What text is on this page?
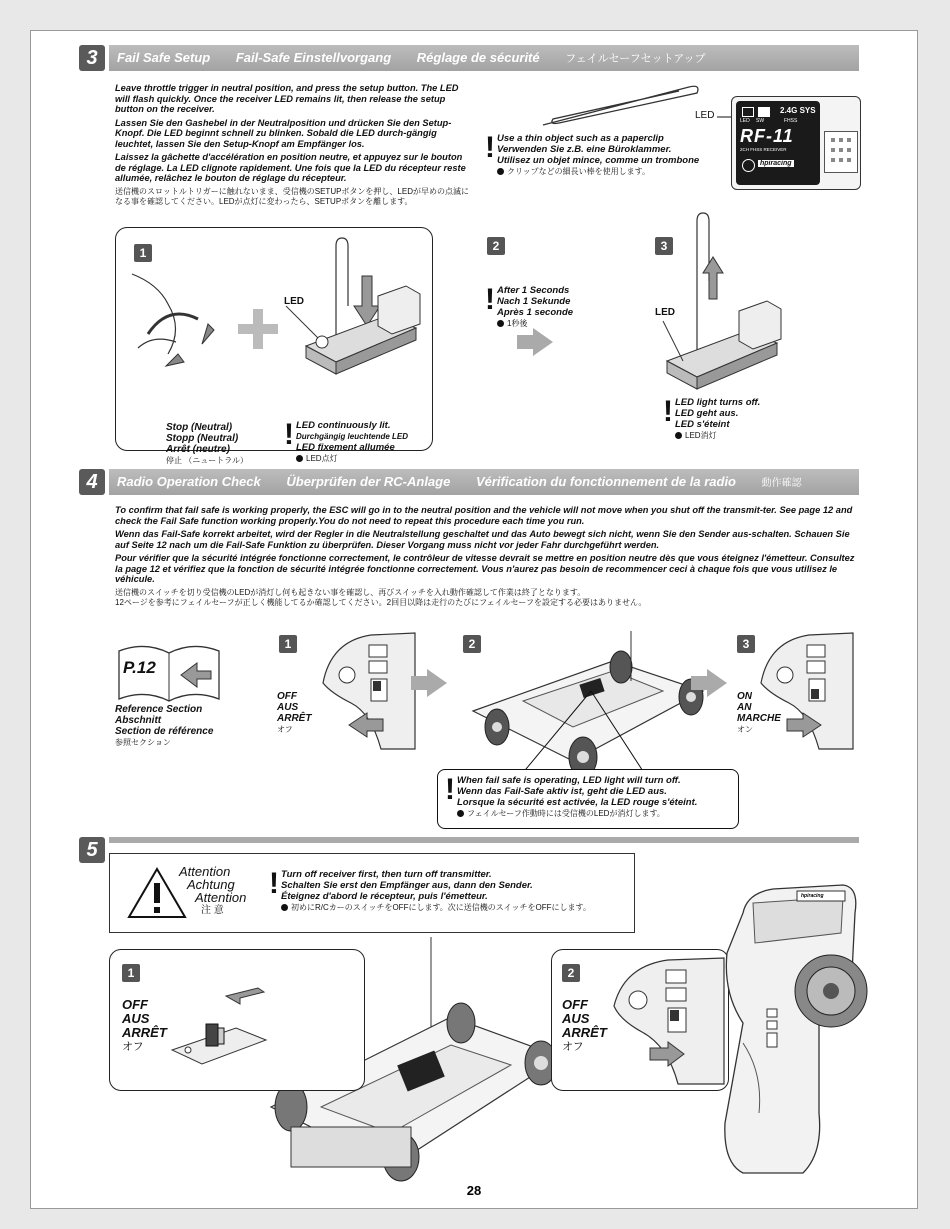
3	Fail Safe Setup Fail-Safe Einstellvorgang Réglage de sécurité フェイルセーフセットアップ

Leave throttle trigger in neutral position, and press the setup button. The LED will flash quickly. Once the receiver LED remains lit, then release the setup button on the receiver.

Lassen Sie den Gashebel in der Neutralposition und drücken Sie den Setup-Knopf. Die LED beginnt schnell zu blinken. Sobald die LED durch-gängig leuchtet, lassen Sie den Setup-Knopf am Empfänger los.

Laissez la gâchette d'accélération en position neutre, et appuyez sur le bouton de réglage. La LED clignote rapidement. Une fois que la LED du récepteur reste allumée, relâchez le bouton de réglage du récepteur.

送信機のスロットルトリガーに触れないまま、受信機のSETUPボタンを押し、LEDが早めの点滅になる事を確認してください。LEDが点灯に変わったら、SETUPボタンを離します。

LED	2.4G SYS
LED SW	FHSS
RF-11
2CH FHSS RECEIVER
hpiracing
! Use a thin object such as a paperclip
Verwenden Sie z.B. eine Büroklammer.
Utilisez un objet mince, comme un trombone
クリップなどの細長い棒を使用します。
1
LED
Stop (Neutral)
Stopp (Neutral)
Arrêt (neutre)
停止 （ニュートラル）
! LED continuously lit.
Durchgängig leuchtende LED
LED fixement allumée
LED点灯
2
! After 1 Seconds
Nach 1 Sekunde
Après 1 seconde
1秒後
3
LED
! LED light turns off.
LED geht aus.
LED s'éteint
LED消灯
4	Radio Operation Check Überprüfen der RC-Anlage Vérification du fonctionnement de la radio	動作確認

To confirm that fail safe is working properly, the ESC will go in to the neutral position and the vehicle will not move when you shut off the transmit-ter. See page 12 and check the Fail Safe function working properly.You do not need to repeat this procedure each time you run.

Wenn das Fail-Safe korrekt arbeitet, wird der Regler in die Neutralstellung geschaltet und das Auto bewegt sich nicht, wenn Sie den Sender aus-schalten. Schauen Sie auf Seite 12 nach um die Fail-Safe Funktion zu überprüfen. Dieser Vorgang muss nicht vor jeder Fahr durchgeführt werden.

Pour vérifier que la sécurité intégrée fonctionne correctement, le contrôleur de vitesse devrait se mettre en position neutre dès que vous éteignez l'émetteur. Consultez la page 12 et vérifiez que la fonction de sécurité intégrée fonctionne correctement. Vous n'aurez pas besoin de recommencer ceci à chaque fois que vous utilisez le véhicule.

送信機のスイッチを切り受信機のLEDが消灯し何も起きない事を確認し、再びスイッチを入れ動作確認して作業は終了となります。
12ページを参考にフェイルセーフが正しく機能してるか確認してください。2回目以降は走行のたびにフェイルセーフを設定する必要はありません。
P.12
Reference Section
Abschnitt
Section de référence
参照セクション
1
OFF
AUS
ARRÊT
オフ
2
! When fail safe is operating, LED light will turn off.
Wenn das Fail-Safe aktiv ist, geht die LED aus.
Lorsque la sécurité est activée, la LED rouge s'éteint.
フェイルセーフ作動時には受信機のLEDが消灯します。
3
ON
AN
MARCHE
オン
5
Attention
Achtung
Attention
注 意
! Turn off receiver first, then turn off transmitter.
Schalten Sie erst den Empfänger aus, dann den Sender.
Éteignez d'abord le récepteur, puis l'émetteur.
初めにR/CカーのスイッチをOFFにします。次に送信機のスイッチをOFFにします。
1
OFF
AUS
ARRÊT
オフ
2
OFF
AUS
ARRÊT
オフ
hpiracing
28
